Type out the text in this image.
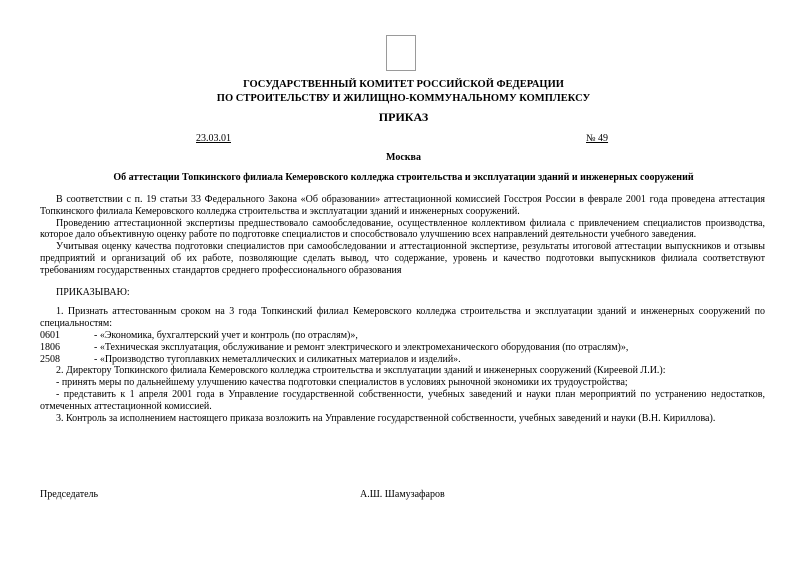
ГОСУДАРСТВЕННЫЙ КОМИТЕТ РОССИЙСКОЙ ФЕДЕРАЦИИ
ПО СТРОИТЕЛЬСТВУ И ЖИЛИЩНО-КОММУНАЛЬНОМУ КОМПЛЕКСУ
ПРИКАЗ
23.03.01	№ 49
Москва
Об аттестации Топкинского филиала Кемеровского колледжа строительства и эксплуатации зданий и инженерных сооружений

В соответствии с п. 19 статьи 33 Федерального Закона «Об образовании» аттестационной комиссией Госстроя России в феврале 2001 года проведена аттестация Топкинского филиала Кемеровского колледжа строительства и эксплуатации зданий и инженерных сооружений.

Проведению аттестационной экспертизы предшествовало самообследование, осуществленное коллективом филиала с привлечением специалистов производства, которое дало объективную оценку работе по подготовке специалистов и способствовало улучшению всех направлений деятельности учебного заведения.

Учитывая оценку качества подготовки специалистов при самообследовании и аттестационной экспертизе, результаты итоговой аттестации выпускников и отзывы предприятий и организаций об их работе, позволяющие сделать вывод, что содержание, уровень и качество подготовки выпускников филиала соответствуют требованиям государственных стандартов среднего профессионального образования

ПРИКАЗЫВАЮ:

1. Признать аттестованным сроком на 3 года Топкинский филиал Кемеровского колледжа строительства и эксплуатации зданий и инженерных сооружений по специальностям:

0601	- «Экономика, бухгалтерский учет и контроль (по отраслям)»,
1806	- «Техническая эксплуатация, обслуживание и ремонт электрического и электромеханического оборудования (по отраслям)»,
2508	- «Производство тугоплавких неметаллических и силикатных материалов и изделий».

2. Директору Топкинского филиала Кемеровского колледжа строительства и эксплуатации зданий и инженерных сооружений (Киреевой Л.И.):

- принять меры по дальнейшему улучшению качества подготовки специалистов в условиях рыночной экономики их трудоустройства;

- представить к 1 апреля 2001 года в Управление государственной собственности, учебных заведений и науки план мероприятий по устранению недостатков, отмеченных аттестационной комиссией.

3. Контроль за исполнением настоящего приказа возложить на Управление государственной собственности, учебных заведений и науки (В.Н. Кириллова).

Председатель	А.Ш. Шамузафаров
